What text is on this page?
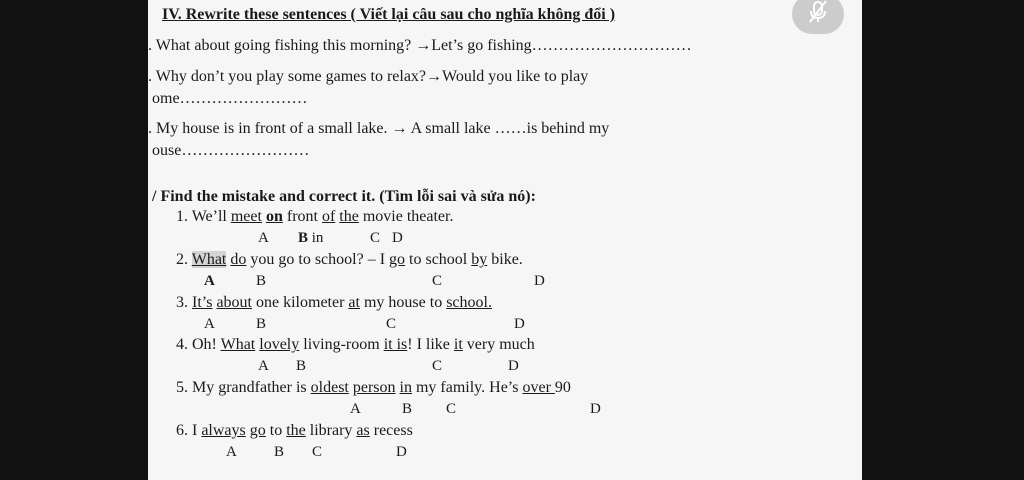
IV. Rewrite these sentences ( Viết lại câu sau cho nghĩa không đổi )
. What about going fishing this morning? →Let’s go fishing…………………………
. Why don’t you play some games to relax?→Would you like to play
ome……………………
. My house is in front of a small lake. → A small lake ……is behind my
ouse……………………
/ Find the mistake and correct it. (Tìm lỗi sai và sửa nó):
1. We’ll meet on front of the movie theater.
A B in	C D
2. What do you go to school? – I go to school by bike.
A	B	C	D
3. It’s about one kilometer at my house to school.
A	B	C	D
4. Oh! What lovely living-room it is! I like it very much
A B	C	D
5. My grandfather is oldest person in my family. He’s over 90
A	B C	D
6. I always go to the library as recess
A B C	D
